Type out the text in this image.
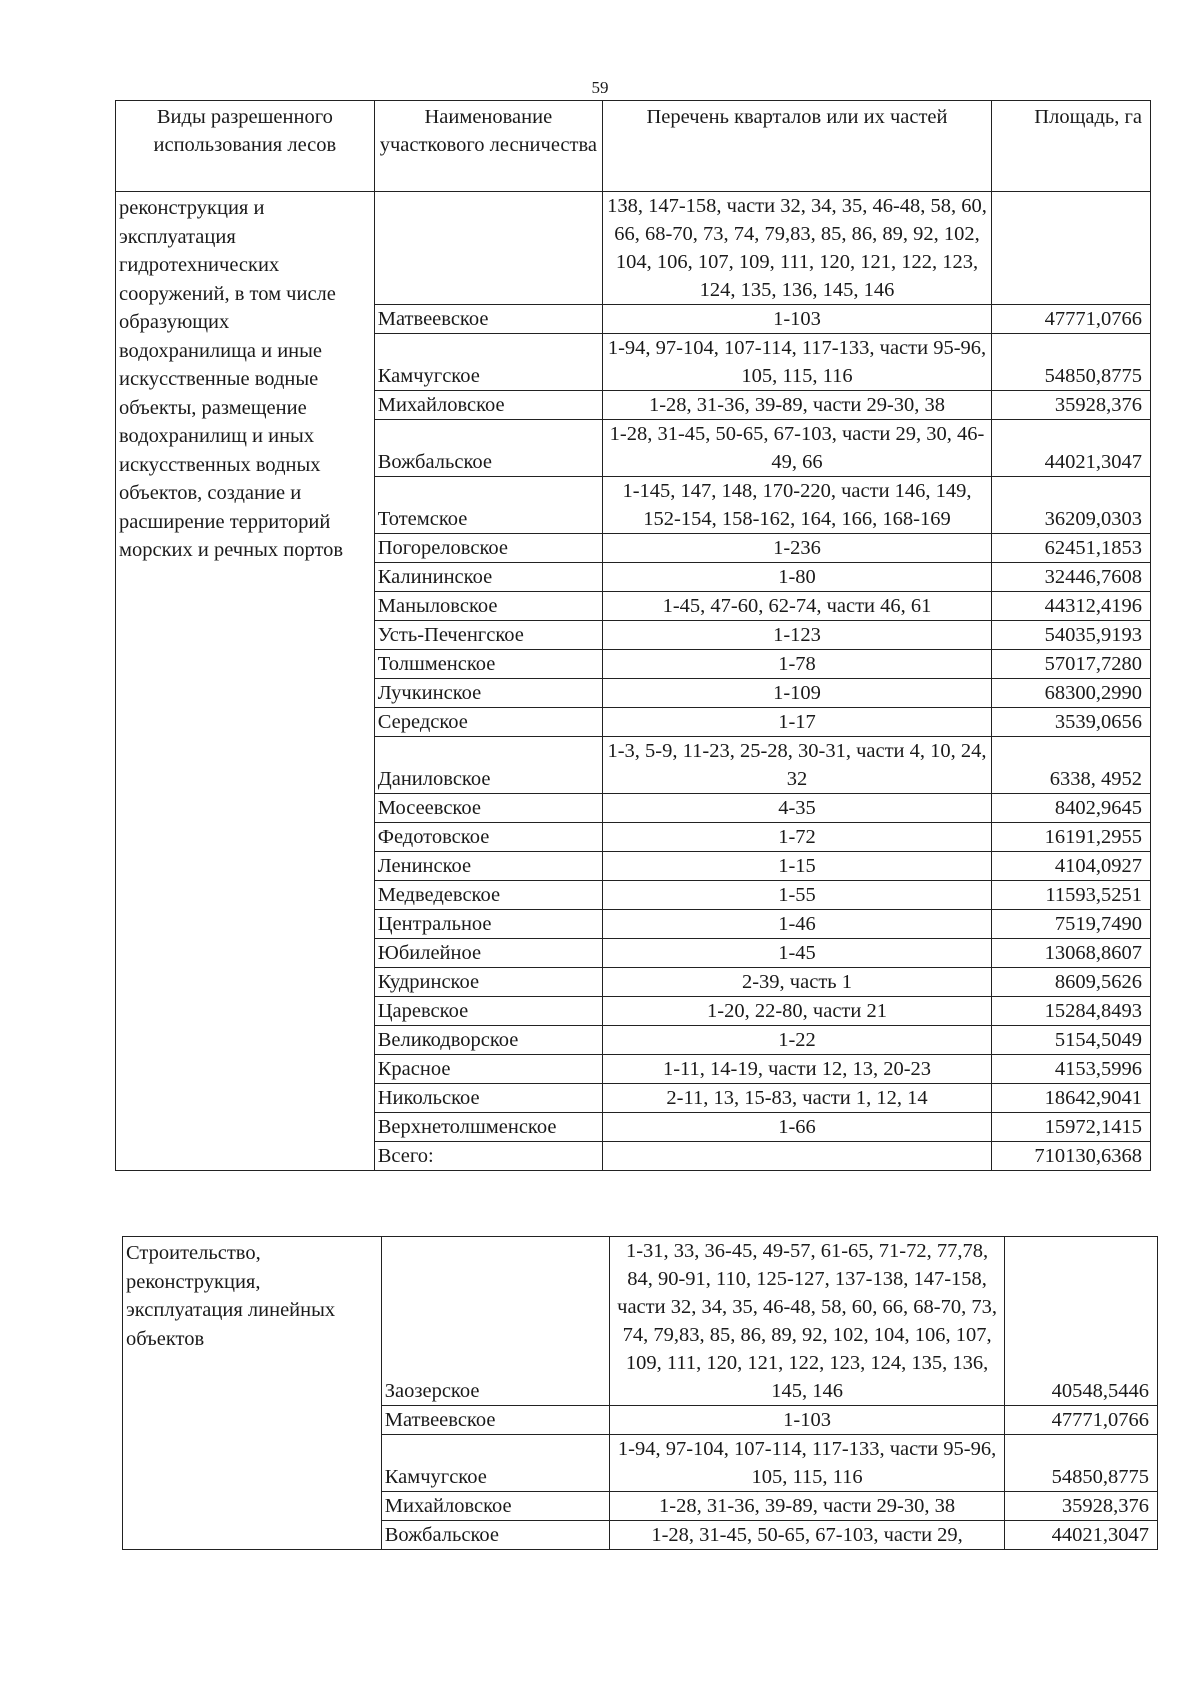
59
Виды разрешенного использования лесов	Наименование участкового лесничества	Перечень кварталов или их частей	Площадь, га
реконструкция и эксплуатация гидротехнических сооружений, в том числе образующих водохранилища и иные искусственные водные объекты, размещение водохранилищ и иных искусственных водных объектов, создание и расширение территорий морских и речных портов		138, 147-158, части 32, 34, 35, 46-48, 58, 60, 66, 68-70, 73, 74, 79,83, 85, 86, 89, 92, 102, 104, 106, 107, 109, 111, 120, 121, 122, 123, 124, 135, 136, 145, 146	
	Матвеевское	1-103	47771,0766
	Камчугское	1-94, 97-104, 107-114, 117-133, части 95-96, 105, 115, 116	54850,8775
	Михайловское	1-28, 31-36, 39-89, части 29-30, 38	35928,376
	Вожбальское	1-28, 31-45, 50-65, 67-103, части 29, 30, 46-49, 66	44021,3047
	Тотемское	1-145, 147, 148, 170-220, части 146, 149, 152-154, 158-162, 164, 166, 168-169	36209,0303
	Погореловское	1-236	62451,1853
	Калининское	1-80	32446,7608
	Маныловское	1-45, 47-60, 62-74, части 46, 61	44312,4196
	Усть-Печенгское	1-123	54035,9193
	Толшменское	1-78	57017,7280
	Лучкинское	1-109	68300,2990
	Середское	1-17	3539,0656
	Даниловское	1-3, 5-9, 11-23, 25-28, 30-31, части 4, 10, 24, 32	6338, 4952
	Мосеевское	4-35	8402,9645
	Федотовское	1-72	16191,2955
	Ленинское	1-15	4104,0927
	Медведевское	1-55	11593,5251
	Центральное	1-46	7519,7490
	Юбилейное	1-45	13068,8607
	Кудринское	2-39, часть 1	8609,5626
	Царевское	1-20, 22-80, части 21	15284,8493
	Великодворское	1-22	5154,5049
	Красное	1-11, 14-19, части 12, 13, 20-23	4153,5996
	Никольское	2-11, 13, 15-83, части 1, 12, 14	18642,9041
	Верхнетолшменское	1-66	15972,1415
	Всего:		710130,6368
Строительство, реконструкция, эксплуатация линейных объектов	Заозерское	1-31, 33, 36-45, 49-57, 61-65, 71-72, 77,78, 84, 90-91, 110, 125-127, 137-138, 147-158, части 32, 34, 35, 46-48, 58, 60, 66, 68-70, 73, 74, 79,83, 85, 86, 89, 92, 102, 104, 106, 107, 109, 111, 120, 121, 122, 123, 124, 135, 136, 145, 146	40548,5446
	Матвеевское	1-103	47771,0766
	Камчугское	1-94, 97-104, 107-114, 117-133, части 95-96, 105, 115, 116	54850,8775
	Михайловское	1-28, 31-36, 39-89, части 29-30, 38	35928,376
	Вожбальское	1-28, 31-45, 50-65, 67-103, части 29,	44021,3047
